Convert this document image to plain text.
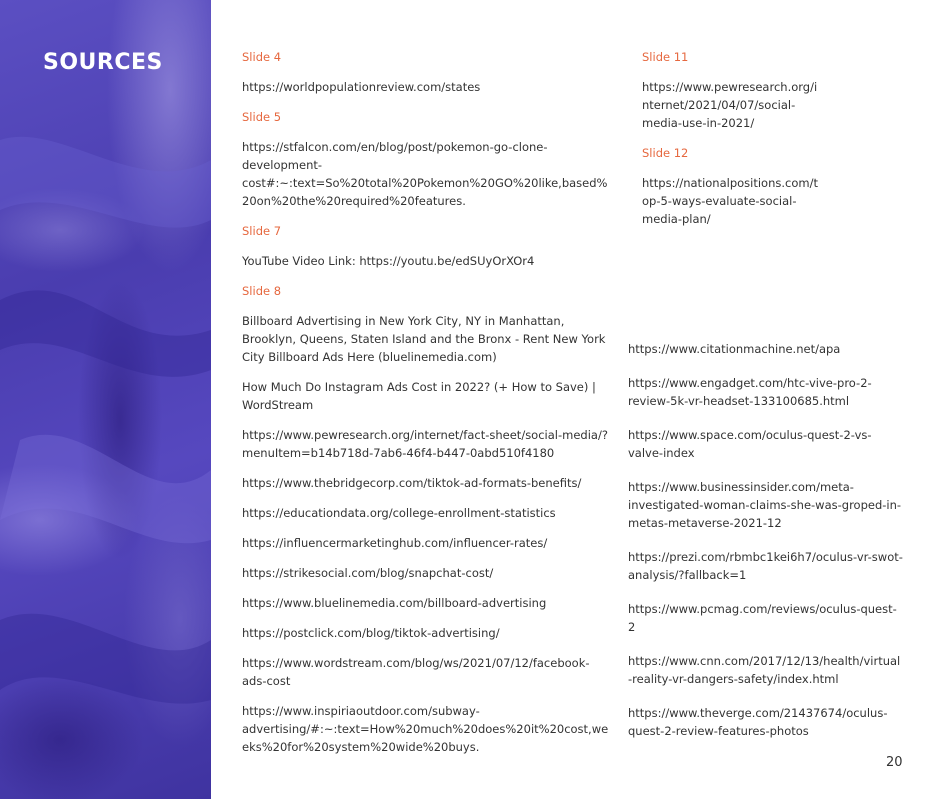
SOURCES	Slide 4

https://worldpopulationreview.com/states

Slide 5

https://stfalcon.com/en/blog/post/pokemon-go-clone-development-cost#:~:text=So%20total%20Pokemon%20GO%20like,based%20on%20the%20required%20features.

Slide 7

YouTube Video Link: https://youtu.be/edSUyOrXOr4

Slide 8

Billboard Advertising in New York City, NY in Manhattan, Brooklyn, Queens, Staten Island and the Bronx - Rent New York City Billboard Ads Here (bluelinemedia.com)

How Much Do Instagram Ads Cost in 2022? (+ How to Save) | WordStream

https://www.pewresearch.org/internet/fact-sheet/social-media/?menuItem=b14b718d-7ab6-46f4-b447-0abd510f4180

https://www.thebridgecorp.com/tiktok-ad-formats-benefits/

https://educationdata.org/college-enrollment-statistics

https://influencermarketinghub.com/influencer-rates/

https://strikesocial.com/blog/snapchat-cost/

https://www.bluelinemedia.com/billboard-advertising

https://postclick.com/blog/tiktok-advertising/

https://www.wordstream.com/blog/ws/2021/07/12/facebook-ads-cost

https://www.inspiriaoutdoor.com/subway-advertising/#:~:text=How%20much%20does%20it%20cost,weeks%20for%20system%20wide%20buys.

Slide 11

https://www.pewresearch.org/internet/2021/04/07/social-media-use-in-2021/

Slide 12

https://nationalpositions.com/top-5-ways-evaluate-social-media-plan/

https://www.citationmachine.net/apa

https://www.engadget.com/htc-vive-pro-2-review-5k-vr-headset-133100685.html

https://www.space.com/oculus-quest-2-vs-valve-index

https://www.businessinsider.com/meta-investigated-woman-claims-she-was-groped-in-metas-metaverse-2021-12

https://prezi.com/rbmbc1kei6h7/oculus-vr-swot-analysis/?fallback=1

https://www.pcmag.com/reviews/oculus-quest-2

https://www.cnn.com/2017/12/13/health/virtual-reality-vr-dangers-safety/index.html

https://www.theverge.com/21437674/oculus-quest-2-review-features-photos

20
